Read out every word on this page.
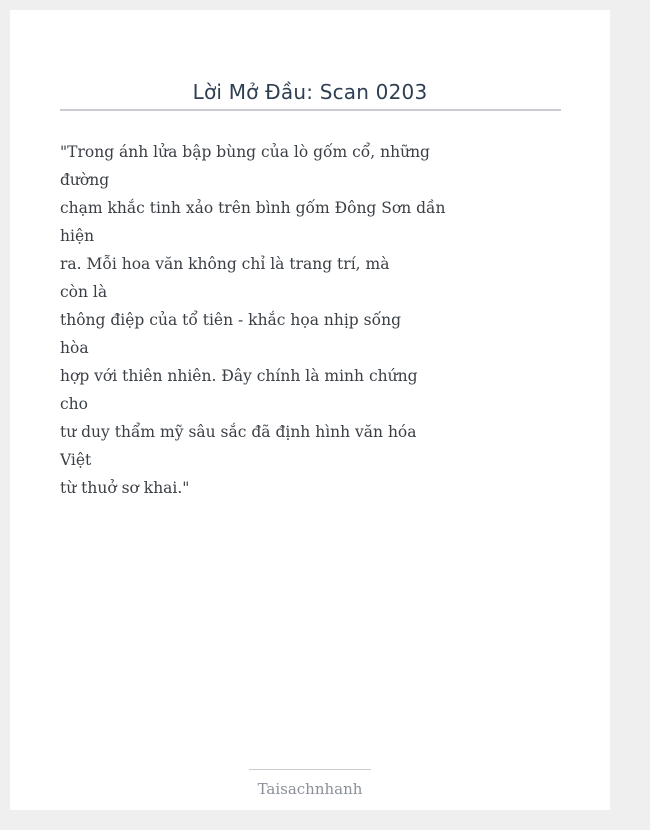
Lời Mở Đầu: Scan 0203
"Trong ánh lửa bập bùng của lò gốm cổ, những
đường
chạm khắc tinh xảo trên bình gốm Đông Sơn dần
hiện
ra. Mỗi hoa văn không chỉ là trang trí, mà
còn là
thông điệp của tổ tiên - khắc họa nhịp sống
hòa
hợp với thiên nhiên. Đây chính là minh chứng
cho
tư duy thẩm mỹ sâu sắc đã định hình văn hóa
Việt
từ thuở sơ khai."
Taisachnhanh
